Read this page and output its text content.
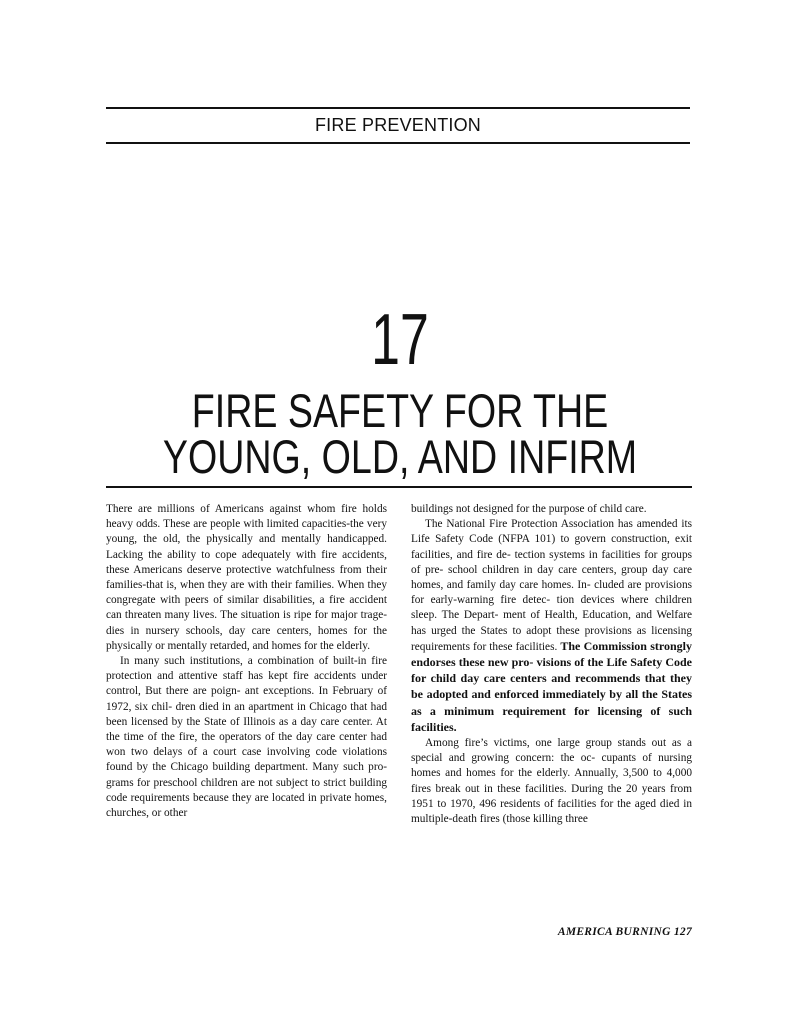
FIRE PREVENTION
17
FIRE SAFETY FOR THE
YOUNG, OLD, AND INFIRM

There are millions of Americans against whom fire holds heavy odds. These are people with limited capacities-the very young, the old, the physically and mentally handicapped. Lacking the ability to cope adequately with fire accidents, these Americans deserve protective watchfulness from their families-that is, when they are with their families. When they congregate with peers of similar disabilities, a fire accident can threaten many lives. The situation is ripe for major trage- dies in nursery schools, day care centers, homes for the physically or mentally retarded, and homes for the elderly.

In many such institutions, a combination of built-in fire protection and attentive staff has kept fire accidents under control, But there are poign- ant exceptions. In February of 1972, six chil- dren died in an apartment in Chicago that had been licensed by the State of Illinois as a day care center. At the time of the fire, the operators of the day care center had won two delays of a court case involving code violations found by the Chicago building department. Many such pro- grams for preschool children are not subject to strict building code requirements because they are located in private homes, churches, or other

buildings not designed for the purpose of child care.

The National Fire Protection Association has amended its Life Safety Code (NFPA 101) to govern construction, exit facilities, and fire de- tection systems in facilities for groups of pre- school children in day care centers, group day care homes, and family day care homes. In- cluded are provisions for early-warning fire detec- tion devices where children sleep. The Depart- ment of Health, Education, and Welfare has urged the States to adopt these provisions as licensing requirements for these facilities. The Commission strongly endorses these new pro- visions of the Life Safety Code for child day care centers and recommends that they be adopted and enforced immediately by all the States as a minimum requirement for licensing of such facilities.

Among fire’s victims, one large group stands out as a special and growing concern: the oc- cupants of nursing homes and homes for the elderly. Annually, 3,500 to 4,000 fires break out in these facilities. During the 20 years from 1951 to 1970, 496 residents of facilities for the aged died in multiple-death fires (those killing three

AMERICA BURNING 127
